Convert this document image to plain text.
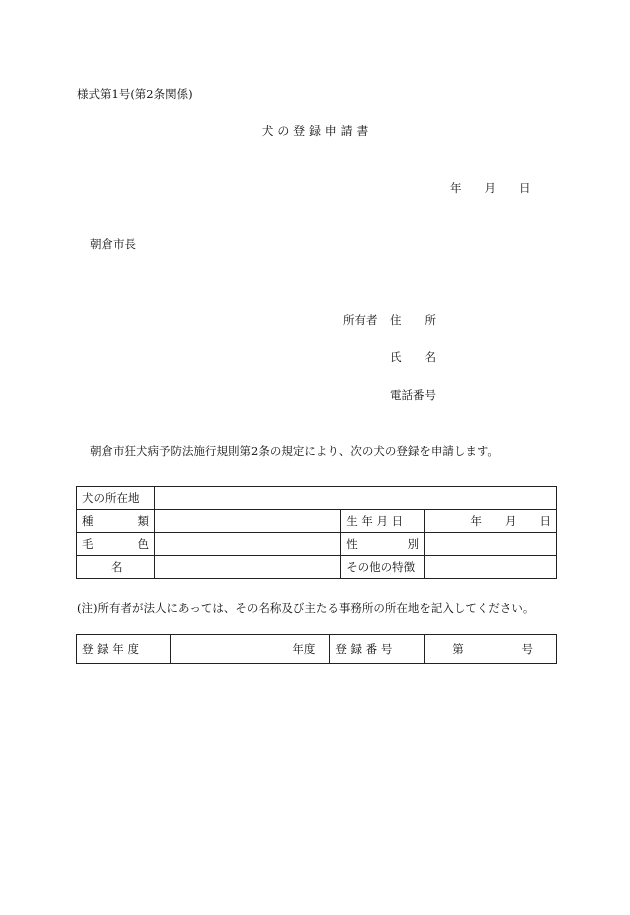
様式第1号(第2条関係)
犬 の 登 録 申 請 書
年　　月　　日
朝倉市長
所有者 住　　所
氏　　名
電話番号
朝倉市狂犬病予防法施行規則第2条の規定により、次の犬の登録を申請します。
犬の所在地			

種 類		生 年 月 日	年　　月　　日

毛 色		性 別	

名		その他の特徴	
(注)所有者が法人にあっては、その名称及び主たる事務所の所在地を記入してください。
登 録 年 度	年度	登 録 番 号	第	号
